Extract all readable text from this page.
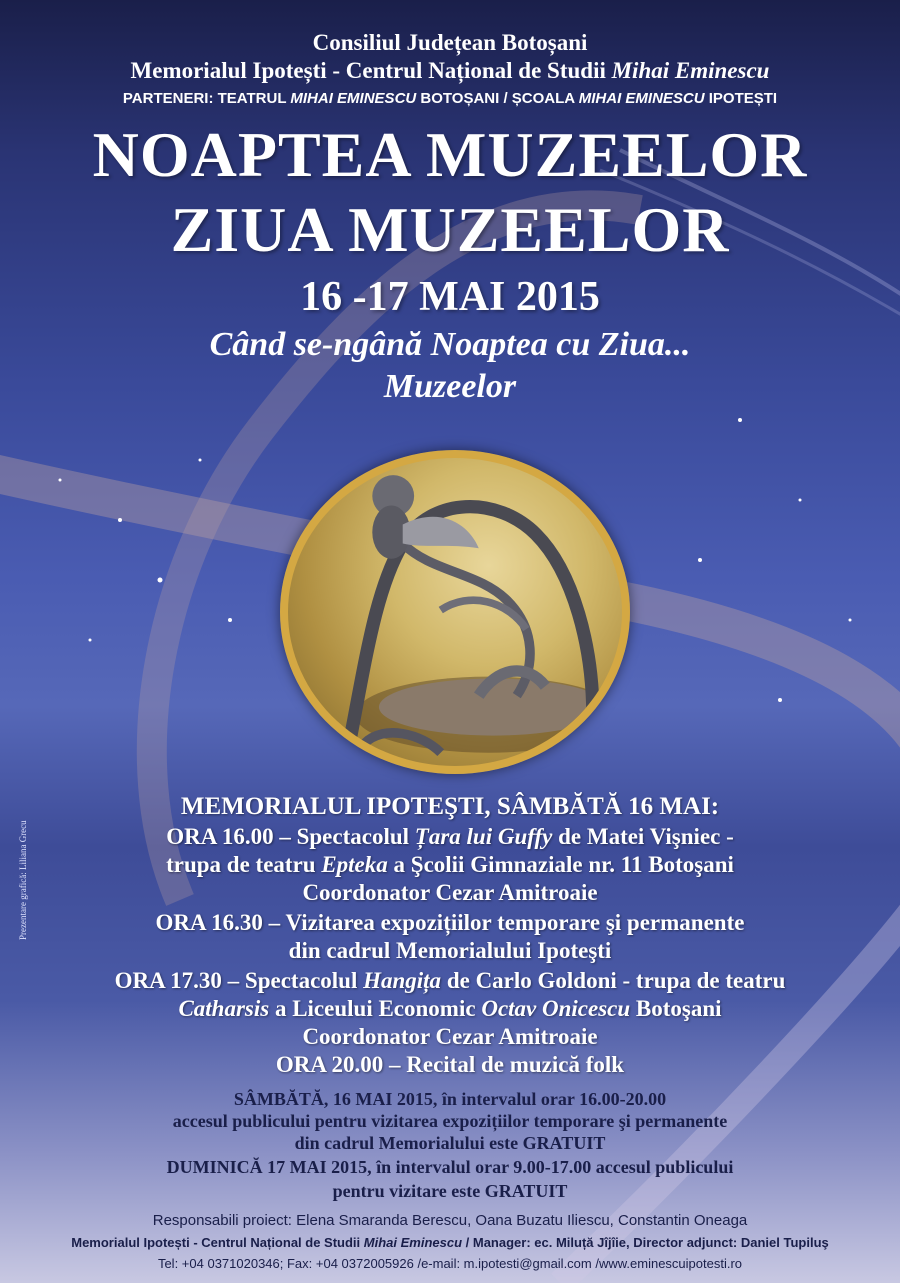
Consiliul Județean Botoșani
Memorialul Ipotești - Centrul Național de Studii Mihai Eminescu
PARTENERI: TEATRUL MIHAI EMINESCU BOTOȘANI / ȘCOALA MIHAI EMINESCU IPOTEȘTI
NOAPTEA MUZEELOR
ZIUA MUZEELOR
16 -17 MAI 2015
Când se-ngână Noaptea cu Ziua...
Muzeelor
MEMORIALUL IPOTEŞTI, SÂMBĂTĂ 16 MAI:
ORA 16.00 – Spectacolul Țara lui Guffy de Matei Vişniec -
trupa de teatru Epteka a Şcolii Gimnaziale nr. 11 Botoşani
Coordonator Cezar Amitroaie
ORA 16.30 – Vizitarea expozițiilor temporare şi permanente
din cadrul Memorialului Ipoteşti
ORA 17.30 – Spectacolul Hangița de Carlo Goldoni - trupa de teatru
Catharsis a Liceului Economic Octav Onicescu Botoşani
Coordonator Cezar Amitroaie
ORA 20.00 – Recital de muzică folk
SÂMBĂTĂ, 16 MAI 2015, în intervalul orar 16.00-20.00
accesul publicului pentru vizitarea expozițiilor temporare şi permanente
din cadrul Memorialului este GRATUIT
DUMINICĂ 17 MAI 2015, în intervalul orar 9.00-17.00 accesul publicului
pentru vizitare este GRATUIT
Responsabili proiect: Elena Smaranda Berescu, Oana Buzatu Iliescu, Constantin Oneaga
Memorialul Ipotești - Centrul Național de Studii Mihai Eminescu / Manager: ec. Miluță Jîjîie, Director adjunct: Daniel Tupiluş
Tel: +04 0371020346; Fax: +04 0372005926 /e-mail: m.ipotesti@gmail.com /www.eminescuipotesti.ro
Prezentare grafică: Liliana Grecu
